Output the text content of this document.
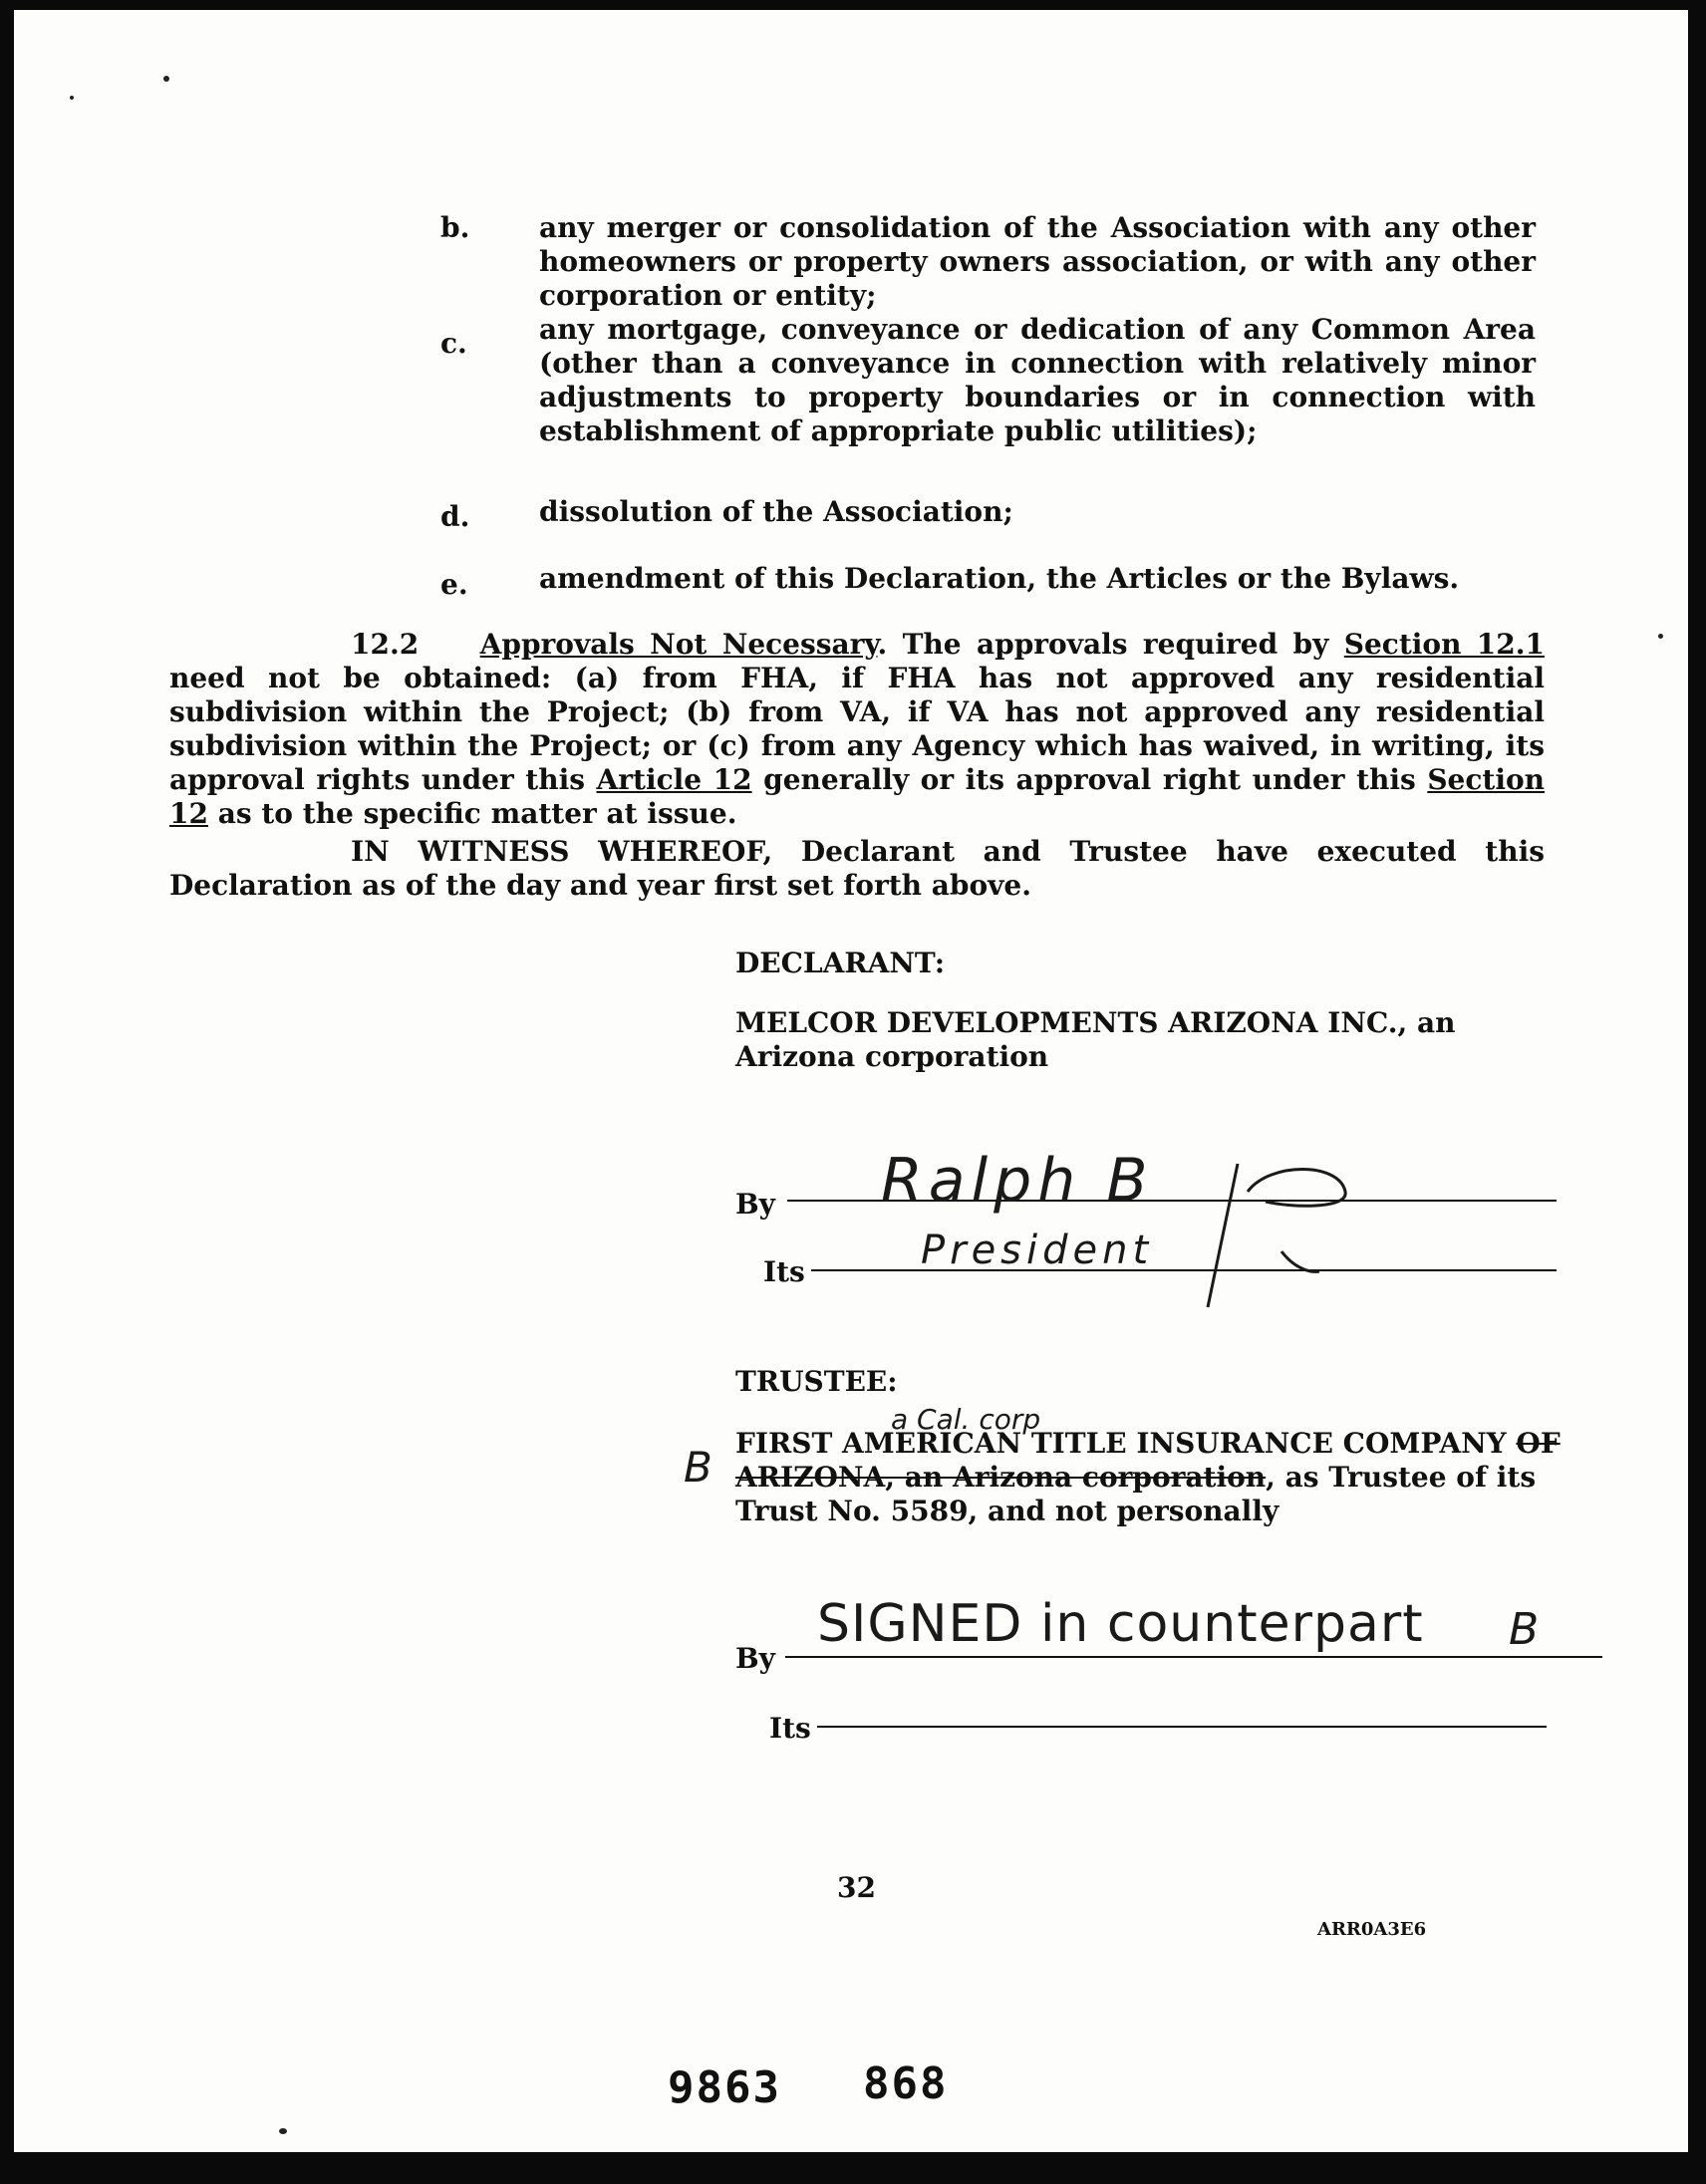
b.	any merger or consolidation of the Association with any other homeowners or property owners association, or with any other corporation or entity;
c.	any mortgage, conveyance or dedication of any Common Area (other than a conveyance in connection with relatively minor adjustments to property boundaries or in connection with establishment of appropriate public utilities);
d.	dissolution of the Association;
e.	amendment of this Declaration, the Articles or the Bylaws.
12.2 Approvals Not Necessary. The approvals required by Section 12.1 need not be obtained: (a) from FHA, if FHA has not approved any residential subdivision within the Project; (b) from VA, if VA has not approved any residential subdivision within the Project; or (c) from any Agency which has waived, in writing, its approval rights under this Article 12 generally or its approval right under this Section 12 as to the specific matter at issue.
IN WITNESS WHEREOF, Declarant and Trustee have executed this Declaration as of the day and year first set forth above.
DECLARANT:
MELCOR DEVELOPMENTS ARIZONA INC., an Arizona corporation
By Ralph B
Its	President
TRUSTEE:
FIRST AMERICAN TITLE INSURANCE COMPANY OF
a Cal. corp
B ARIZONA, an Arizona corporation, as Trustee of its Trust No. 5589, and not personally
By
SIGNED in counterpart B
Its
32
ARR0A3E6
9863 868
